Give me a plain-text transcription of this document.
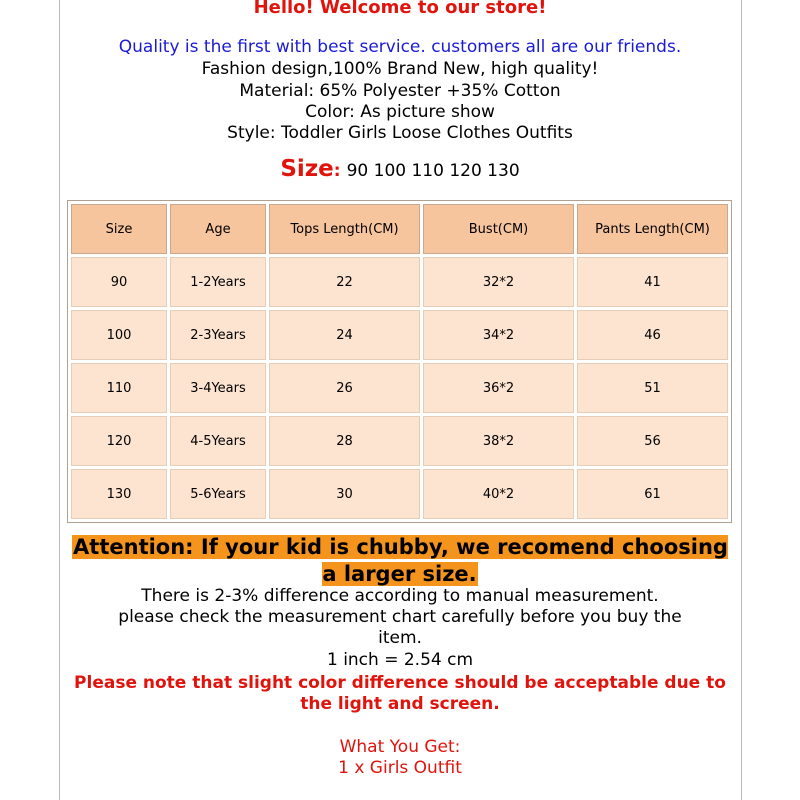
Hello! Welcome to our store!
Quality is the first with best service. customers all are our friends.
Fashion design,100% Brand New, high quality!
Material: 65% Polyester +35% Cotton
Color: As picture show
Style: Toddler Girls Loose Clothes Outfits
Size: 90 100 110 120 130
Size	Age	Tops Length(CM)	Bust(CM)	Pants Length(CM)
90	1-2Years	22	32*2	41
100	2-3Years	24	34*2	46
110	3-4Years	26	36*2	51
120	4-5Years	28	38*2	56
130	5-6Years	30	40*2	61
Attention: If your kid is chubby, we recomend choosing a larger size.
There is 2-3% difference according to manual measurement.
please check the measurement chart carefully before you buy the
item.
1 inch = 2.54 cm
Please note that slight color difference should be acceptable due to
the light and screen.
What You Get:
1 x Girls Outfit
